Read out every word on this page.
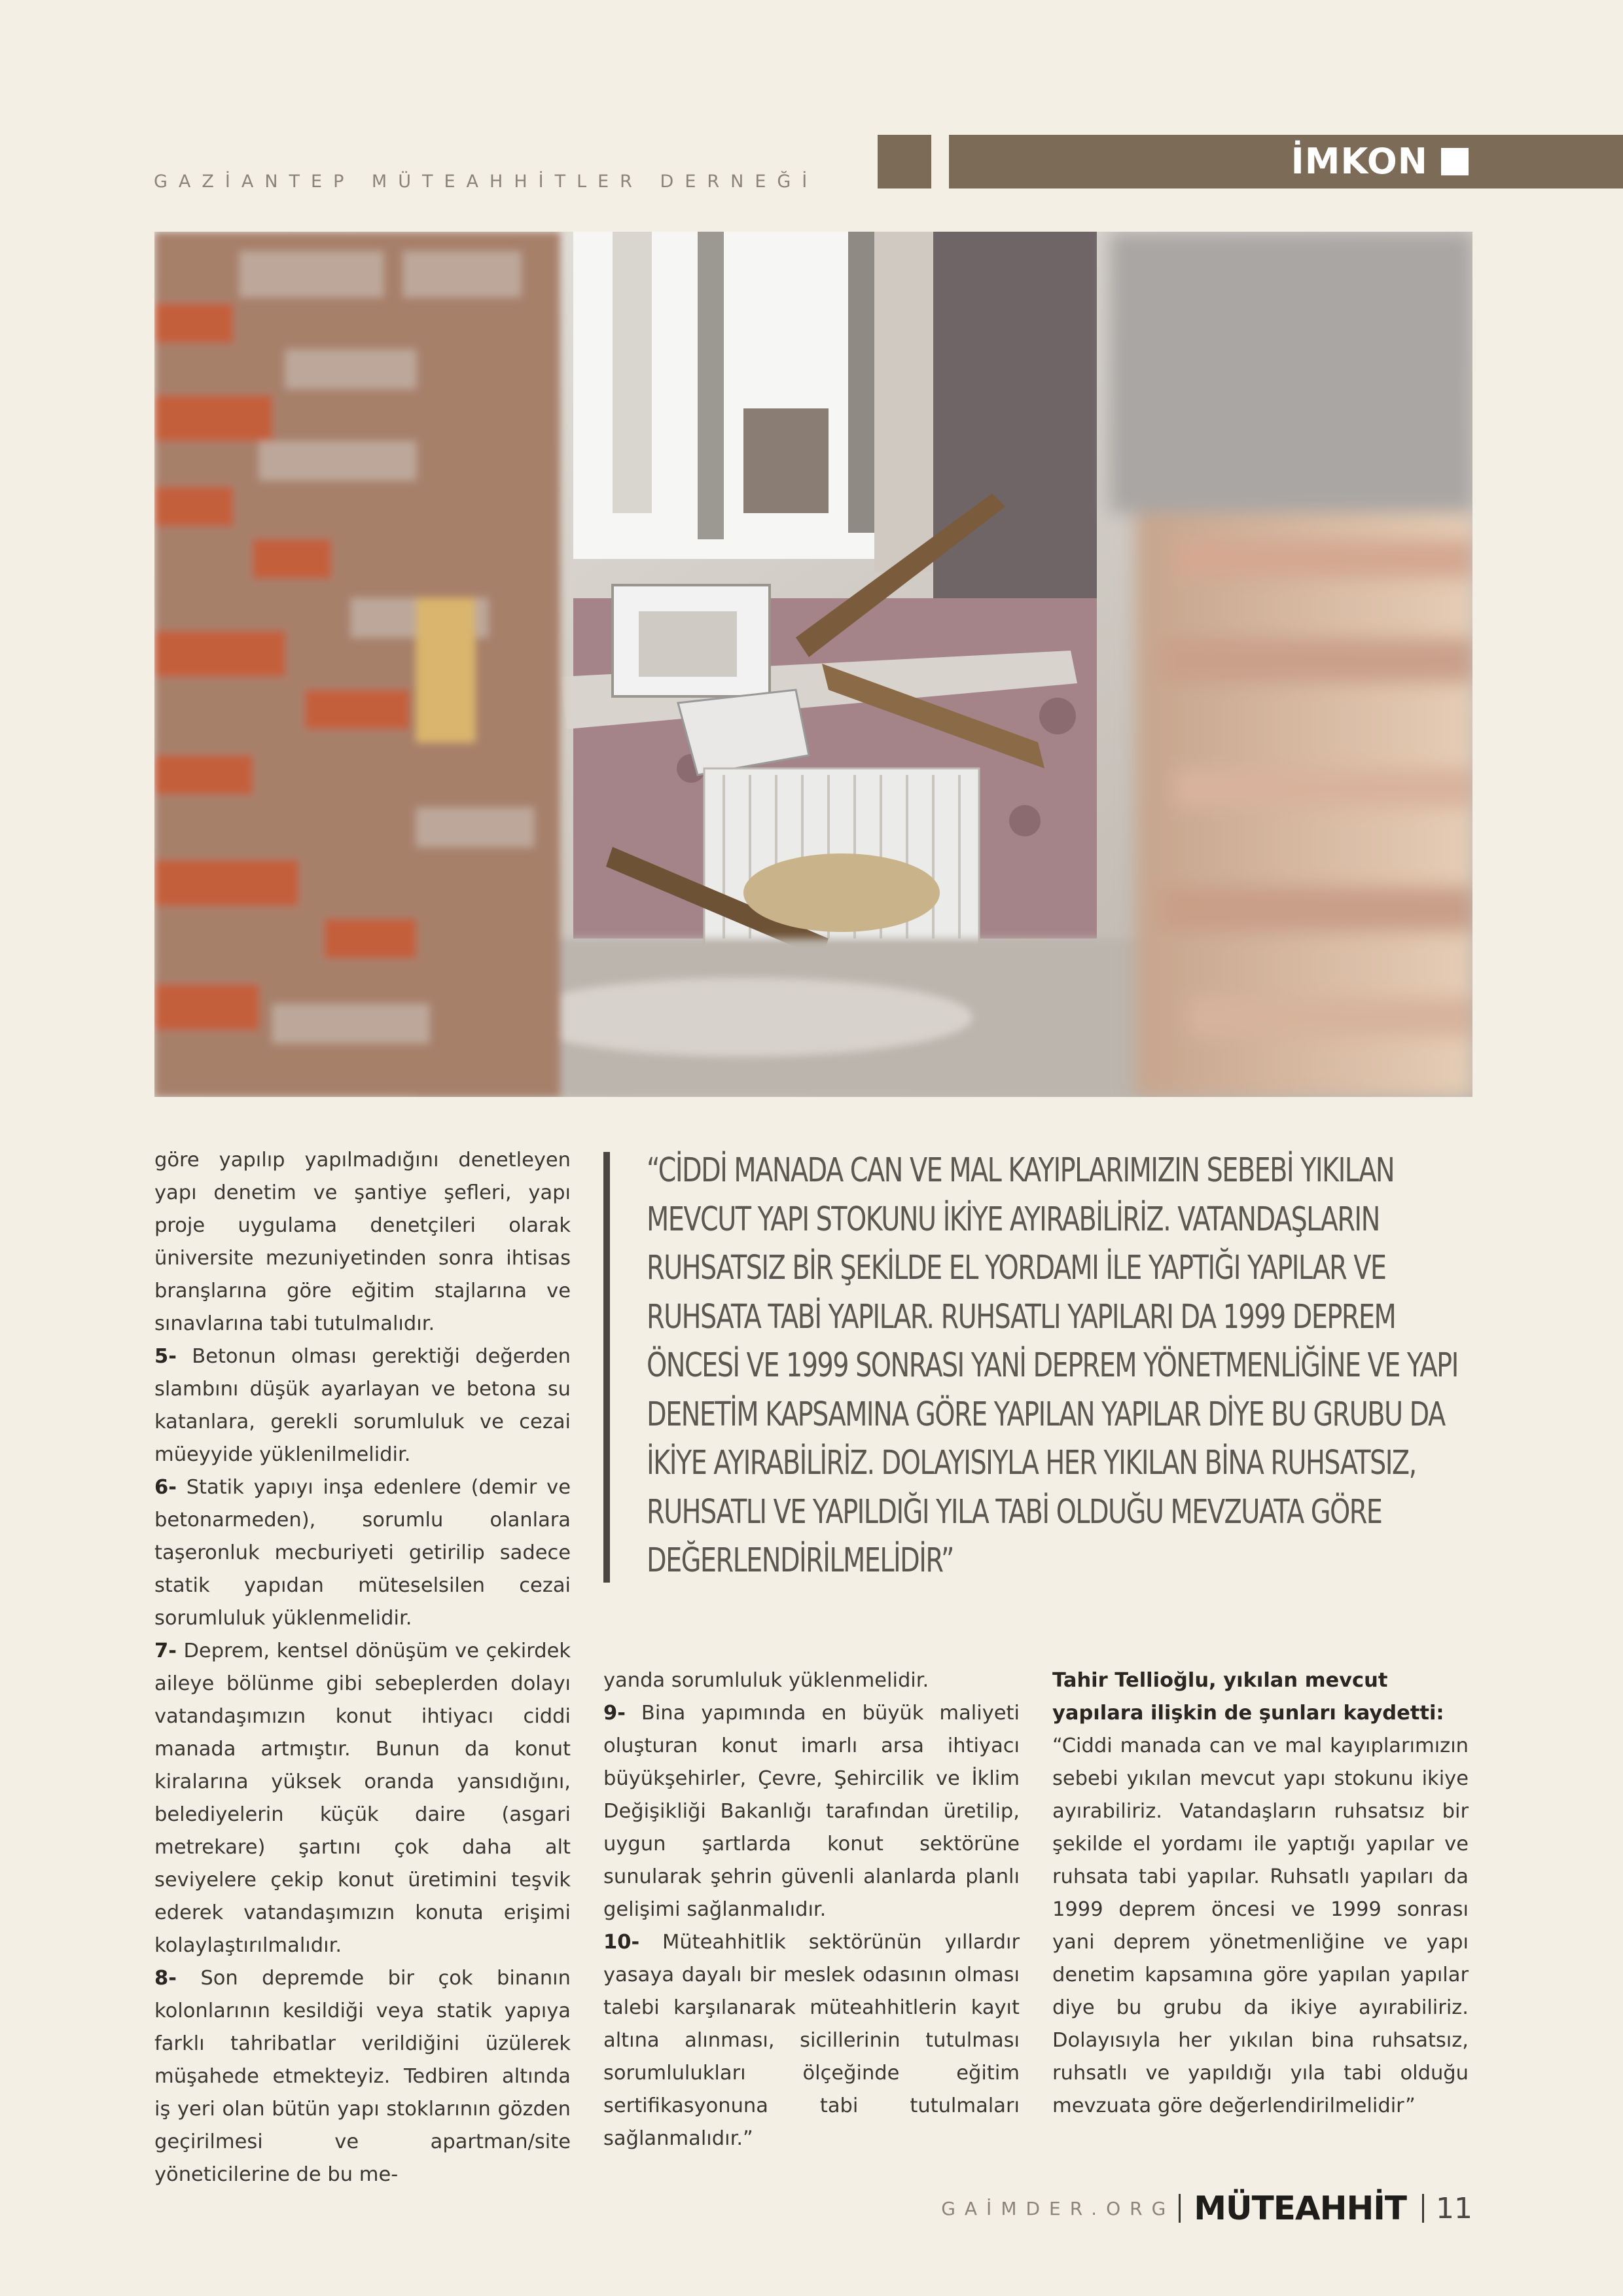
GAZİANTEP MÜTEAHHİTLER DERNEĞİ	İMKON

göre yapılıp yapılmadığını denetleyen yapı denetim ve şantiye şefleri, yapı proje uygulama denetçileri olarak üniversite mezuniyetinden sonra ihtisas branşlarına göre eğitim stajlarına ve sınavlarına tabi tutulmalıdır.

5- Betonun olması gerektiği değerden slambını düşük ayarlayan ve betona su katanlara, gerekli sorumluluk ve cezai müeyyide yüklenilmelidir.

6- Statik yapıyı inşa edenlere (demir ve betonarmeden), sorumlu olanlara taşeronluk mecburiyeti getirilip sadece statik yapıdan müteselsilen cezai sorumluluk yüklenmelidir.

7- Deprem, kentsel dönüşüm ve çekirdek aileye bölünme gibi sebeplerden dolayı vatandaşımızın konut ihtiyacı ciddi manada artmıştır. Bunun da konut kiralarına yüksek oranda yansıdığını, belediyelerin küçük daire (asgari metrekare) şartını çok daha alt seviyelere çekip konut üretimini teşvik ederek vatandaşımızın konuta erişimi kolaylaştırılmalıdır.

8- Son depremde bir çok binanın kolonlarının kesildiği veya statik yapıya farklı tahribatlar verildiğini üzülerek müşahede etmekteyiz. Tedbiren altında iş yeri olan bütün yapı stoklarının gözden geçirilmesi ve apartman/site yöneticilerine de bu me-

“CİDDİ MANADA CAN VE MAL KAYIPLARIMIZIN SEBEBİ YIKILAN MEVCUT YAPI STOKUNU İKİYE AYIRABİLİRİZ. VATANDAŞLARIN RUHSATSIZ BİR ŞEKİLDE EL YORDAMI İLE YAPTIĞI YAPILAR VE RUHSATA TABİ YAPILAR. RUHSATLI YAPILARI DA 1999 DEPREM ÖNCESİ VE 1999 SONRASI YANİ DEPREM YÖNETMENLİĞİNE VE YAPI DENETİM KAPSAMINA GÖRE YAPILAN YAPILAR DİYE BU GRUBU DA İKİYE AYIRABİLİRİZ. DOLAYISIYLA HER YIKILAN BİNA RUHSATSIZ, RUHSATLI VE YAPILDIĞI YILA TABİ OLDUĞU MEVZUATA GÖRE DEĞERLENDİRİLMELİDİR”

yanda sorumluluk yüklenmelidir.

9- Bina yapımında en büyük maliyeti oluşturan konut imarlı arsa ihtiyacı büyükşehirler, Çevre, Şehircilik ve İklim Değişikliği Bakanlığı tarafından üretilip, uygun şartlarda konut sektörüne sunularak şehrin güvenli alanlarda planlı gelişimi sağlanmalıdır.

10- Müteahhitlik sektörünün yıllardır yasaya dayalı bir meslek odasının olması talebi karşılanarak müteahhitlerin kayıt altına alınması, sicillerinin tutulması sorumlulukları ölçeğinde eğitim sertifikasyonuna tabi tutulmaları sağlanmalıdır.”

Tahir Tellioğlu, yıkılan mevcut yapılara ilişkin de şunları kaydetti:

“Ciddi manada can ve mal kayıplarımızın sebebi yıkılan mevcut yapı stokunu ikiye ayırabiliriz. Vatandaşların ruhsatsız bir şekilde el yordamı ile yaptığı yapılar ve ruhsata tabi yapılar. Ruhsatlı yapıları da 1999 deprem öncesi ve 1999 sonrası yani deprem yönetmenliğine ve yapı denetim kapsamına göre yapılan yapılar diye bu grubu da ikiye ayırabiliriz. Dolayısıyla her yıkılan bina ruhsatsız, ruhsatlı ve yapıldığı yıla tabi olduğu mevzuata göre değerlendirilmelidir”

GAİMDER.ORG MÜTEAHHİT 11
